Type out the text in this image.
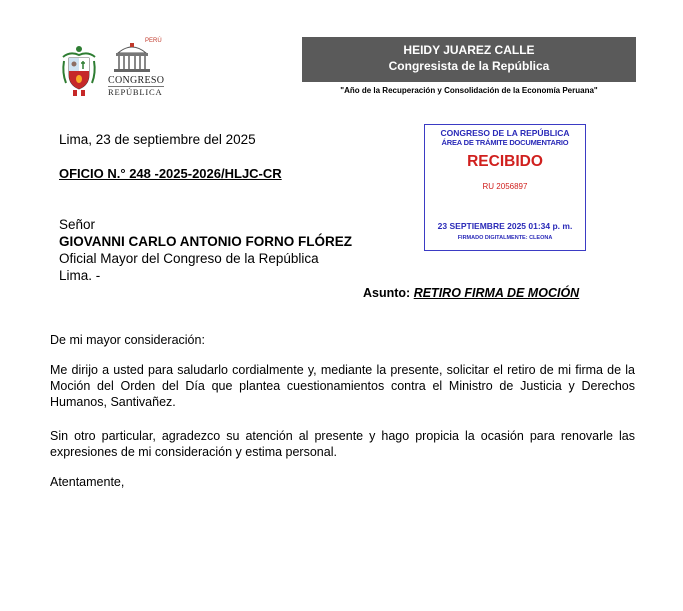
PERÚ
CONGRESO
REPÚBLICA
HEIDY JUAREZ CALLE
Congresista de la República
"Año de la Recuperación y Consolidación de la Economía Peruana"
Lima, 23 de septiembre del 2025
OFICIO N.° 248 -2025-2026/HLJC-CR
Señor
GIOVANNI CARLO ANTONIO FORNO FLÓREZ
Oficial Mayor del Congreso de la República
Lima. -
Asunto: RETIRO FIRMA DE MOCIÓN
De mi mayor consideración:
Me dirijo a usted para saludarlo cordialmente y, mediante la presente, solicitar el retiro de mi firma de la Moción del Orden del Día que plantea cuestionamientos contra el Ministro de Justicia y Derechos Humanos, Santivañez.
Sin otro particular, agradezco su atención al presente y hago propicia la ocasión para renovarle las expresiones de mi consideración y estima personal.
Atentamente,
CONGRESO DE LA REPÚBLICA
ÁREA DE TRÁMITE DOCUMENTARIO
RECIBIDO
RU 2056897
23 SEPTIEMBRE 2025 01:34 p. m.
FIRMADO DIGITALMENTE: CLEONA
